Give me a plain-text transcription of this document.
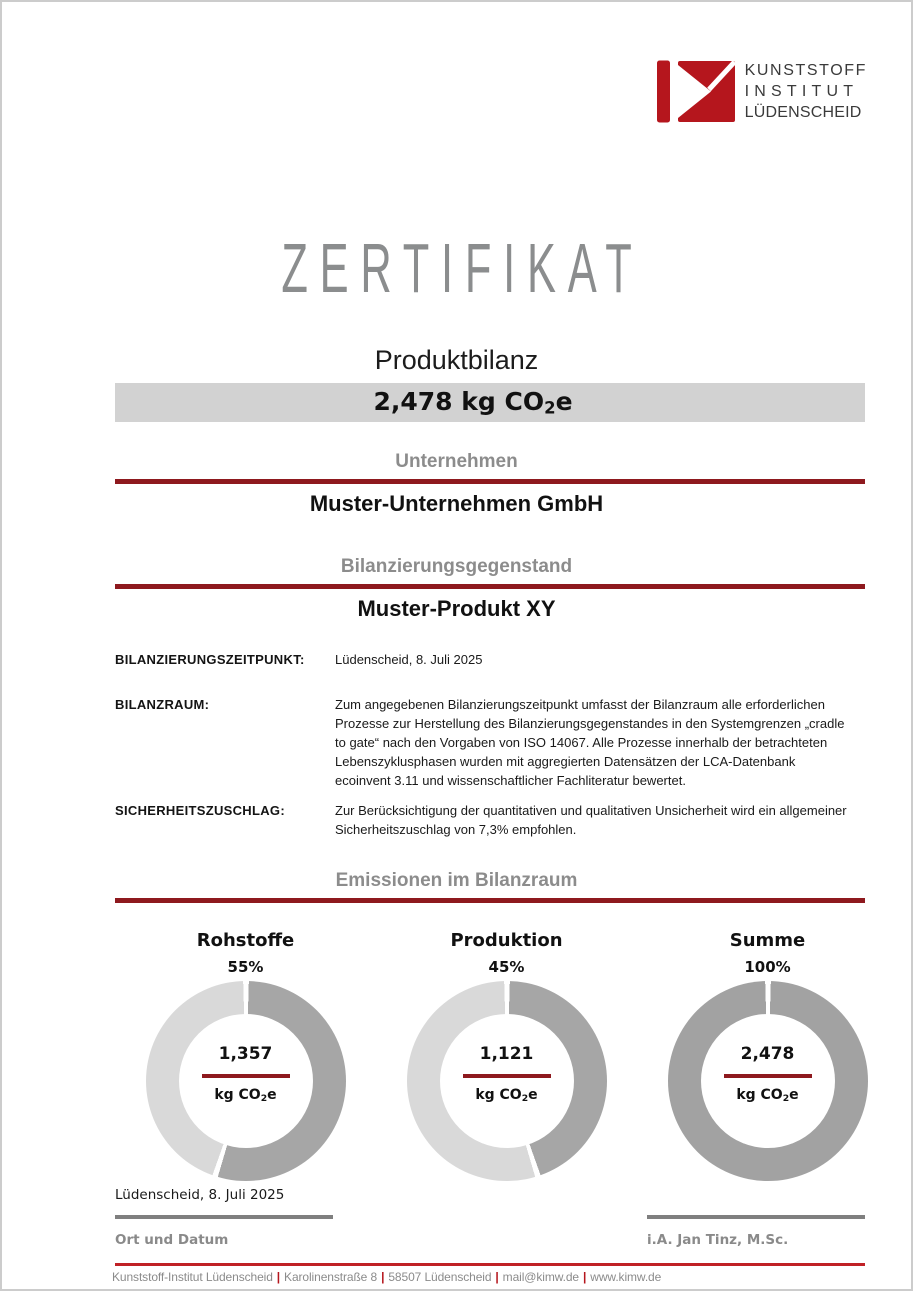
KUNSTSTOFF
INSTITUT
LÜDENSCHEID
ZERTIFIKAT
Produktbilanz
2,478 kg $CO_2e$
Unternehmen
Muster-Unternehmen GmbH
Bilanzierungsgegenstand
Muster-Produkt XY
BILANZIERUNGSZEITPUNKT:	Lüdenscheid, 8. Juli 2025
BILANZRAUM:	Zum angegebenen Bilanzierungszeitpunkt umfasst der Bilanzraum alle erforderlichen Prozesse zur Herstellung des Bilanzierungsgegenstandes in den Systemgrenzen „cradle to gate“ nach den Vorgaben von ISO 14067. Alle Prozesse innerhalb der betrachteten Lebenszyklusphasen wurden mit aggregierten Datensätzen der LCA-Datenbank ecoinvent 3.11 und wissenschaftlicher Fachliteratur bewertet.
SICHERHEITSZUSCHLAG:	Zur Berücksichtigung der quantitativen und qualitativen Unsicherheit wird ein allgemeiner Sicherheitszuschlag von 7,3% empfohlen.
Emissionen im Bilanzraum
Rohstoffe
55%
1,357
kg $CO_2e$
Produktion
45%
1,121
kg $CO_2e$
Summe
100%
2,478
kg $CO_2e$
Lüdenscheid, 8. Juli 2025
Ort und Datum	i.A. Jan Tinz, M.Sc.
Kunststoff-Institut Lüdenscheid | Karolinenstraße 8 | 58507 Lüdenscheid | mail@kimw.de | www.kimw.de
